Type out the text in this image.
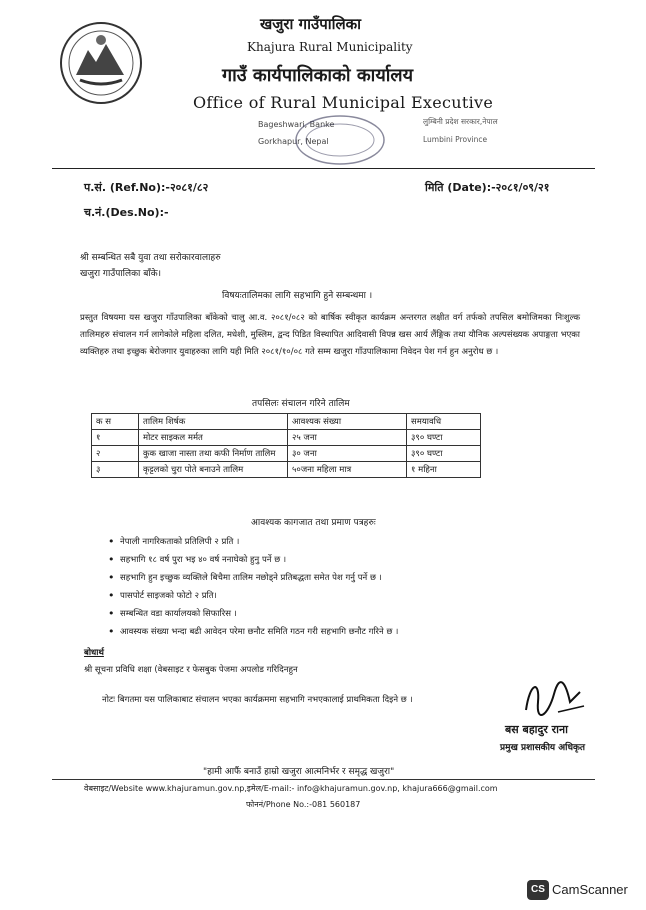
खजुरा गाउँपालिका
Khajura Rural Municipality
गाउँ कार्यपालिकाको कार्यालय
Office of Rural Municipal Executive
Bageshwari, Banke
Gorkhapur, Nepal
लुम्बिनी प्रदेश सरकार,नेपाल
Lumbini Province
प.सं. (Ref.No):-२०८१/८२	मिति (Date):-२०८१/०९/२१
च.नं.(Des.No):-
श्री सम्बन्धित सबै युवा तथा सरोकारवालाहरु
खजुरा गाउँपालिका बाँके।
विषयःतालिमका लागि सहभागि हुने सम्बन्धमा ।
प्रस्तुत विषयमा यस खजुरा गाँउपालिका बाँकेको चालु आ.व. २०८१/०८२ को बार्षिक स्वीकृत कार्यक्रम अन्तरगत लक्षीत वर्ग तर्फको तपसिल बमोजिमका निःशुल्क तालिमहरु संचालन गर्न लागेकोले महिला दलित, मधेशी, मुस्लिम, द्वन्द पिडित विस्थापित आदिवासी विपन्न खस आर्य लैंङ्गिक तथा यौनिक अल्पसंख्यक अपाङ्गता भएका व्यक्तिहरु तथा इच्छुक बेरोजगार युवाहरुका लागि यही मिति २०८१/१०/०८ गते सम्म खजुरा गाँउपालिकामा निवेदन पेश गर्न हुन अनुरोध छ ।
तपसिलः संचालन गरिने तालिम
क स	तालिम शिर्षक	आवश्यक संख्या	समयावधि
१	मोटर साइकल मर्मत	२५ जना	३९० घण्टा
२	कुक खाजा नास्ता तथा कफी निर्माण तालिम	३० जना	३९० घण्टा
३	कृट्टलको चुरा पोते बनाउने तालिम	५०जना महिला मात्र	१ महिना
आवश्यक कागजात तथा प्रमाण पत्रहरुः
• नेपाली नागरिकताको प्रतिलिपी २ प्रति ।
• सहभागि १८ वर्ष पुरा भइ ४० वर्ष ननाघेको हुनु पर्ने छ ।
• सहभागि हुन इच्छुक व्यक्तिले बिचैमा तालिम नछोड्ने प्रतिबद्धता समेत पेश गर्नु पर्ने छ ।
• पासपोर्ट साइजको फोटो २ प्रति।
• सम्बन्धित वडा कार्यालयको सिफारिस ।
• आवस्यक संख्या भन्दा बढी आवेदन परेमा छनौट समिति गठन गरी सहभागि छनौट गरिने छ ।
बोधार्थ
श्री सूचना प्रविधि शक्षा (वेबसाइट र फेसबुक पेजमा अपलोड गरिदिनहुन
नोटः बिगतमा यस पालिकाबाट संचालन भएका कार्यक्रममा सहभागि नभएकालाई प्राथमिकता दिइने छ ।
बस बहादुर राना
प्रमुख प्रशासकीय अधिकृत
"हामी आफैं बनाउँ हाम्रो खजुरा आत्मनिर्भर र समृद्ध खजुरा"
वेबसाइट/Website www.khajuramun.gov.np,इमेल/E-mail:- info@khajuramun.gov.np, khajura666@gmail.com
फोननं/Phone No.:-081 560187
CS CamScanner
